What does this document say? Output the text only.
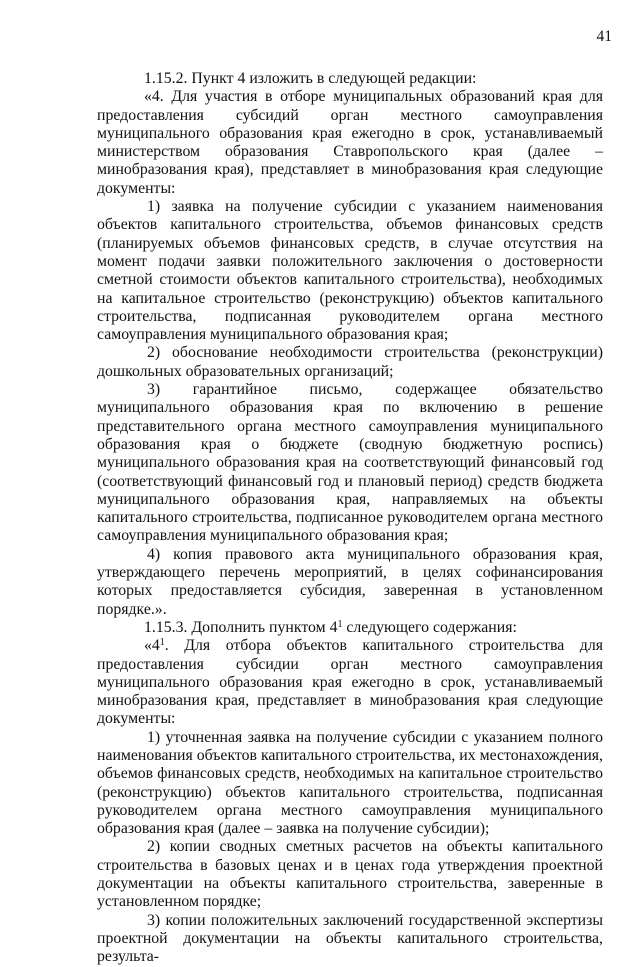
41

1.15.2. Пункт 4 изложить в следующей редакции:

«4. Для участия в отборе муниципальных образований края для предоставления субсидий орган местного самоуправления муниципального образования края ежегодно в срок, устанавливаемый министерством образования Ставропольского края (далее – минобразования края), представляет в минобразования края следующие документы:

1) заявка на получение субсидии с указанием наименования объектов капитального строительства, объемов финансовых средств (планируемых объемов финансовых средств, в случае отсутствия на момент подачи заявки положительного заключения о достоверности сметной стоимости объектов капитального строительства), необходимых на капитальное строительство (реконструкцию) объектов капитального строительства, подписанная руководителем органа местного самоуправления муниципального образования края;

2) обоснование необходимости строительства (реконструкции) дошкольных образовательных организаций;

3) гарантийное письмо, содержащее обязательство муниципального образования края по включению в решение представительного органа местного самоуправления муниципального образования края о бюджете (сводную бюджетную роспись) муниципального образования края на соответствующий финансовый год (соответствующий финансовый год и плановый период) средств бюджета муниципального образования края, направляемых на объекты капитального строительства, подписанное руководителем органа местного самоуправления муниципального образования края;

4) копия правового акта муниципального образования края, утверждающего перечень мероприятий, в целях софинансирования которых предоставляется субсидия, заверенная в установленном порядке.».

1.15.3. Дополнить пунктом $4^1$ следующего содержания:

«$4^1$. Для отбора объектов капитального строительства для предоставления субсидии орган местного самоуправления муниципального образования края ежегодно в срок, устанавливаемый минобразования края, представляет в минобразования края следующие документы:

1) уточненная заявка на получение субсидии с указанием полного наименования объектов капитального строительства, их местонахождения, объемов финансовых средств, необходимых на капитальное строительство (реконструкцию) объектов капитального строительства, подписанная руководителем органа местного самоуправления муниципального образования края (далее – заявка на получение субсидии);

2) копии сводных сметных расчетов на объекты капитального строительства в базовых ценах и в ценах года утверждения проектной документации на объекты капитального строительства, заверенные в установленном порядке;

3) копии положительных заключений государственной экспертизы проектной документации на объекты капитального строительства, результа-
